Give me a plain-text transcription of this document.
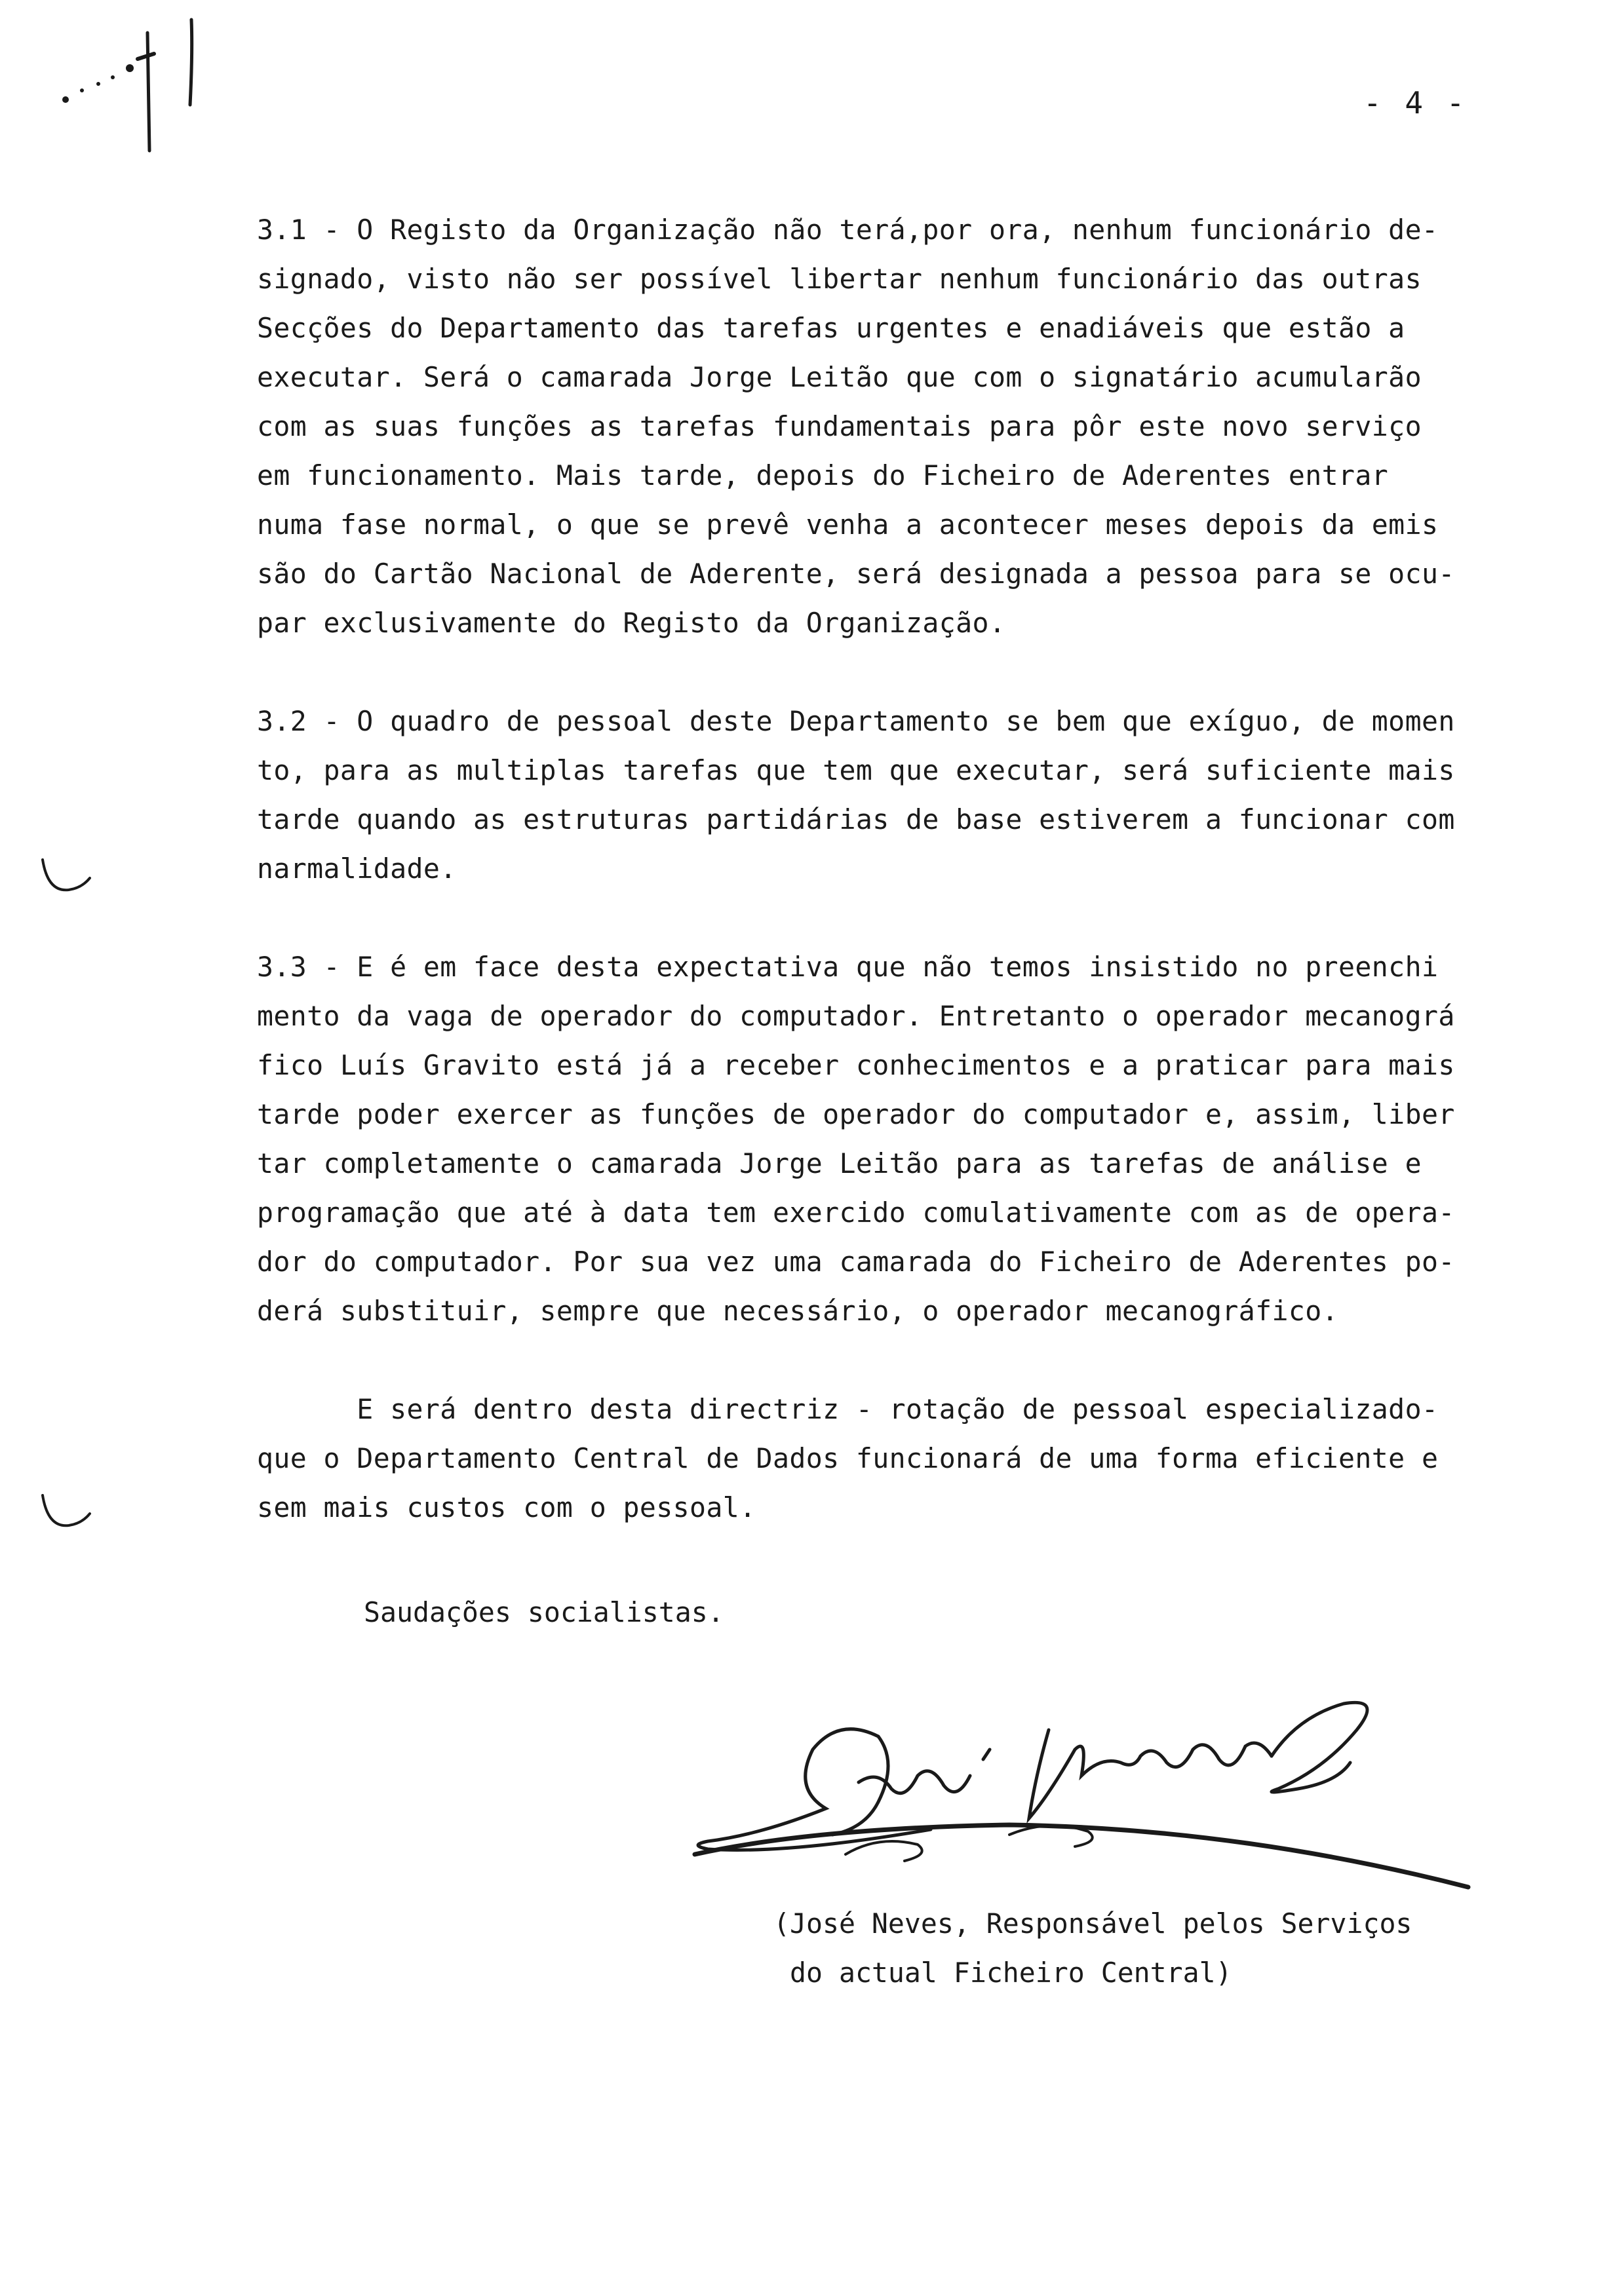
- 4 -
3.1 - O Registo da Organização não terá,por ora, nenhum funcionário de-
signado, visto não ser possível libertar nenhum funcionário das outras
Secções do Departamento das tarefas urgentes e enadiáveis que estão a
executar. Será o camarada Jorge Leitão que com o signatário acumularão
com as suas funções as tarefas fundamentais para pôr este novo serviço
em funcionamento. Mais tarde, depois do Ficheiro de Aderentes entrar
numa fase normal, o que se prevê venha a acontecer meses depois da emis
são do Cartão Nacional de Aderente, será designada a pessoa para se ocu-
par exclusivamente do Registo da Organização.
3.2 - O quadro de pessoal deste Departamento se bem que exíguo, de momen
to, para as multiplas tarefas que tem que executar, será suficiente mais
tarde quando as estruturas partidárias de base estiverem a funcionar com
narmalidade.
3.3 - E é em face desta expectativa que não temos insistido no preenchi
mento da vaga de operador do computador. Entretanto o operador mecanográ
fico Luís Gravito está já a receber conhecimentos e a praticar para mais
tarde poder exercer as funções de operador do computador e, assim, liber
tar completamente o camarada Jorge Leitão para as tarefas de análise e
programação que até à data tem exercido comulativamente com as de opera-
dor do computador. Por sua vez uma camarada do Ficheiro de Aderentes po-
derá substituir, sempre que necessário, o operador mecanográfico.
E será dentro desta directriz - rotação de pessoal especializado-
que o Departamento Central de Dados funcionará de uma forma eficiente e
sem mais custos com o pessoal.
Saudações socialistas.
(José Neves, Responsável pelos Serviços
do actual Ficheiro Central)
